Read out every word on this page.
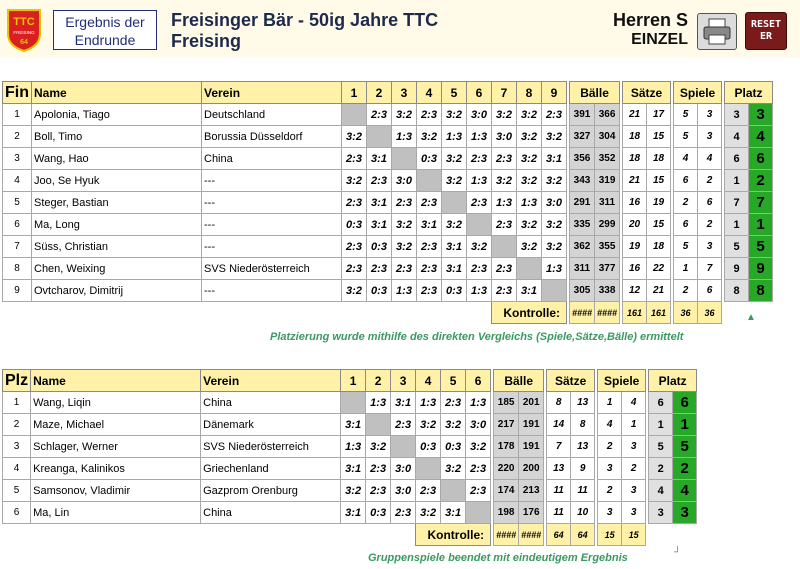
TTC
FREISING
64
Ergebnis der Endrunde
Freisinger Bär - 50ig Jahre TTC
Freising
Herren S
EINZEL
RESET ER
Fin	Name	Verein	1	2	3	4	5	6	7	8	9		Bälle			Sätze			Spiele			Platz	
1	Apolonia, Tiago	Deutschland		2:3	3:2	2:3	3:2	3:0	3:2	3:2	2:3		391	366		21	17		5	3		3	3
2	Boll, Timo	Borussia Düsseldorf	3:2		1:3	3:2	1:3	1:3	3:0	3:2	3:2		327	304		18	15		5	3		4	4
3	Wang, Hao	China	2:3	3:1		0:3	3:2	2:3	2:3	3:2	3:1		356	352		18	18		4	4		6	6
4	Joo, Se Hyuk	---	3:2	2:3	3:0		3:2	1:3	3:2	3:2	3:2		343	319		21	15		6	2		1	2
5	Steger, Bastian	---	2:3	3:1	2:3	2:3		2:3	1:3	1:3	3:0		291	311		16	19		2	6		7	7
6	Ma, Long	---	0:3	3:1	3:2	3:1	3:2		2:3	3:2	3:2		335	299		20	15		6	2		1	1
7	Süss, Christian	---	2:3	0:3	3:2	2:3	3:1	3:2		3:2	3:2		362	355		19	18		5	3		5	5
8	Chen, Weixing	SVS Niederösterreich	2:3	2:3	2:3	2:3	3:1	2:3	2:3		1:3		311	377		16	22		1	7		9	9
9	Ovtcharov, Dimitrij	---	3:2	0:3	1:3	2:3	0:3	1:3	2:3	3:1			305	338		12	21		2	6		8	8
									Kontrolle:				####	####		161	161		36	36			
Plz	Name	Verein	1	2	3	4	5	6		Bälle			Sätze			Spiele			Platz	
1	Wang, Liqin	China		1:3	3:1	1:3	2:3	1:3		185	201		8	13		1	4		6	6
2	Maze, Michael	Dänemark	3:1		2:3	3:2	3:2	3:0		217	191		14	8		4	1		1	1
3	Schlager, Werner	SVS Niederösterreich	1:3	3:2		0:3	0:3	3:2		178	191		7	13		2	3		5	5
4	Kreanga, Kalinikos	Griechenland	3:1	2:3	3:0		3:2	2:3		220	200		13	9		3	2		2	2
5	Samsonov, Vladimir	Gazprom Orenburg	3:2	2:3	3:0	2:3		2:3		174	213		11	11		2	3		4	4
6	Ma, Lin	China	3:1	0:3	2:3	3:2	3:1			198	176		11	10		3	3		3	3
						Kontrolle:				####	####		64	64		15	15			
Platzierung wurde mithilfe des direkten Vergleichs (Spiele,Sätze,Bälle) ermittelt
▲
Gruppenspiele beendet mit eindeutigem Ergebnis	┘
